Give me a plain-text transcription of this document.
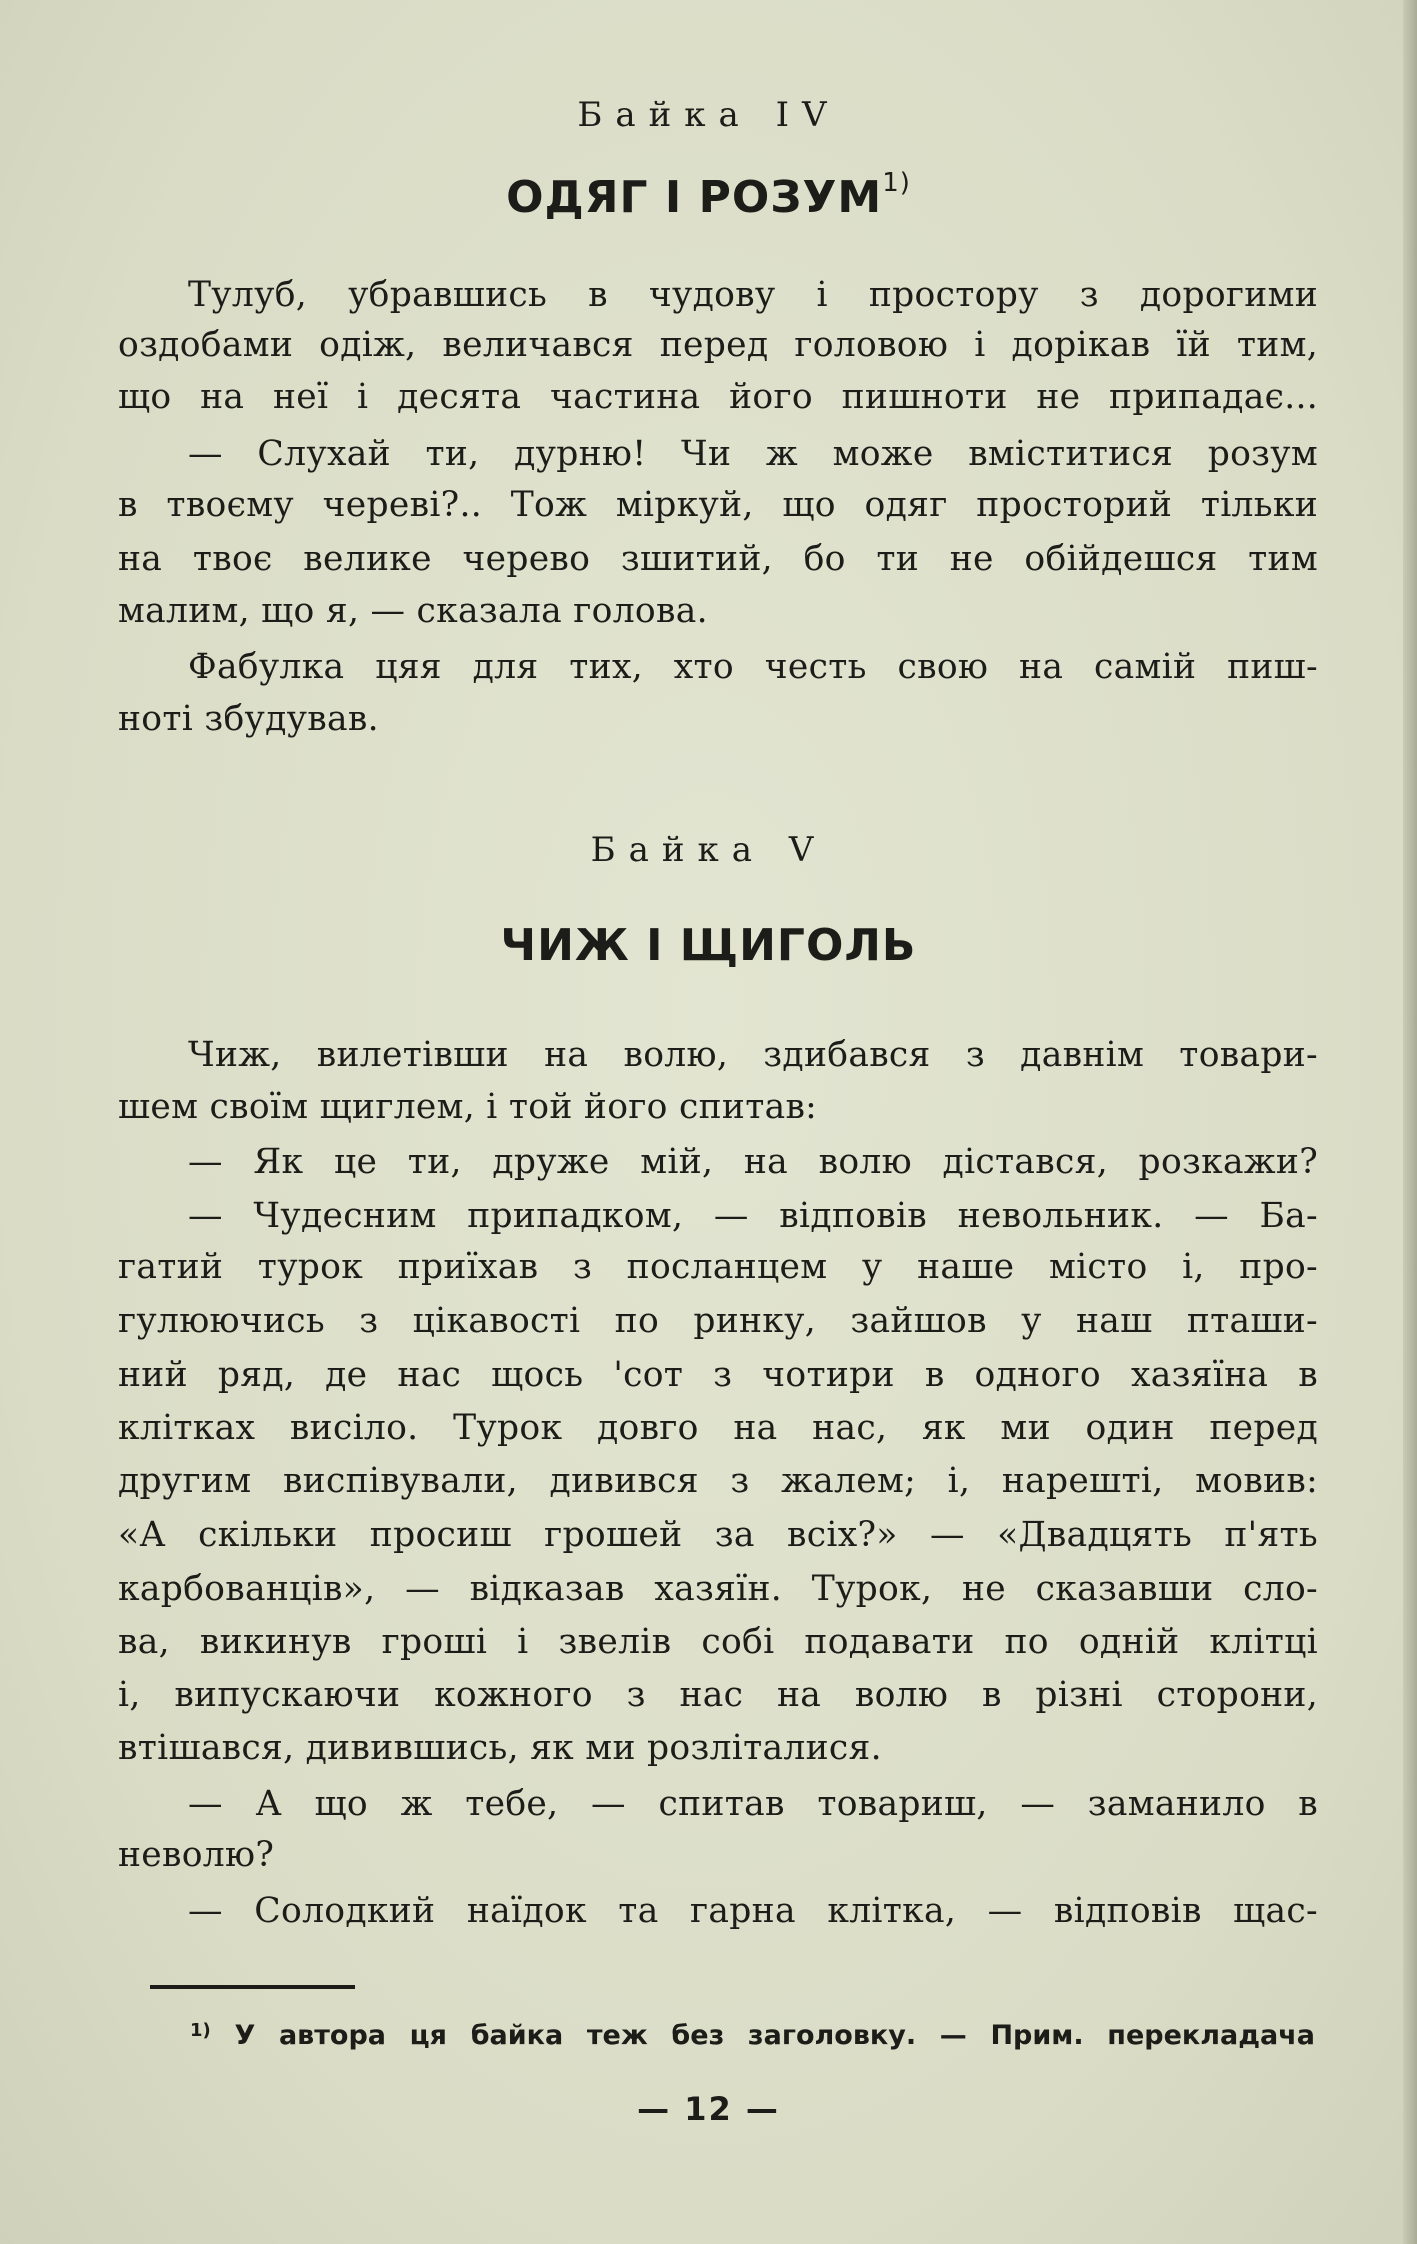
Байка IV
ОДЯГ І РОЗУМ$^{1)}$
Тулуб, убравшись в чудову і простору з дорогими
оздобами одіж, величався перед головою і дорікав їй тим,
що на неї і десята частина його пишноти не припадає...
— Слухай ти, дурню! Чи ж може вміститися розум
в твоєму череві?.. Тож міркуй, що одяг просторий тільки
на твоє велике черево зшитий, бо ти не обійдешся тим
малим, що я, — сказала голова.
Фабулка цяя для тих, хто честь свою на самій пиш-
ноті збудував.
Байка V
ЧИЖ І ЩИГОЛЬ
Чиж, вилетівши на волю, здибався з давнім товари-
шем своїм щиглем, і той його спитав:
— Як це ти, друже мій, на волю дістався, розкажи?
— Чудесним припадком, — відповів невольник. — Ба-
гатий турок приїхав з посланцем у наше місто і, про-
гулюючись з цікавості по ринку, зайшов у наш пташи-
ний ряд, де нас щось 'сот з чотири в одного хазяїна в
клітках висіло. Турок довго на нас, як ми один перед
другим виспівували, дивився з жалем; і, нарешті, мовив:
«А скільки просиш грошей за всіх?» — «Двадцять п'ять
карбованців», — відказав хазяїн. Турок, не сказавши сло-
ва, викинув гроші і звелів собі подавати по одній клітці
і, випускаючи кожного з нас на волю в різні сторони,
втішався, дивившись, як ми розліталися.
— А що ж тебе, — спитав товариш, — заманило в
неволю?
— Солодкий наїдок та гарна клітка, — відповів щас-
$^{1)}$ У автора ця байка теж без заголовку. — Прим. перекладача
— 12 —
